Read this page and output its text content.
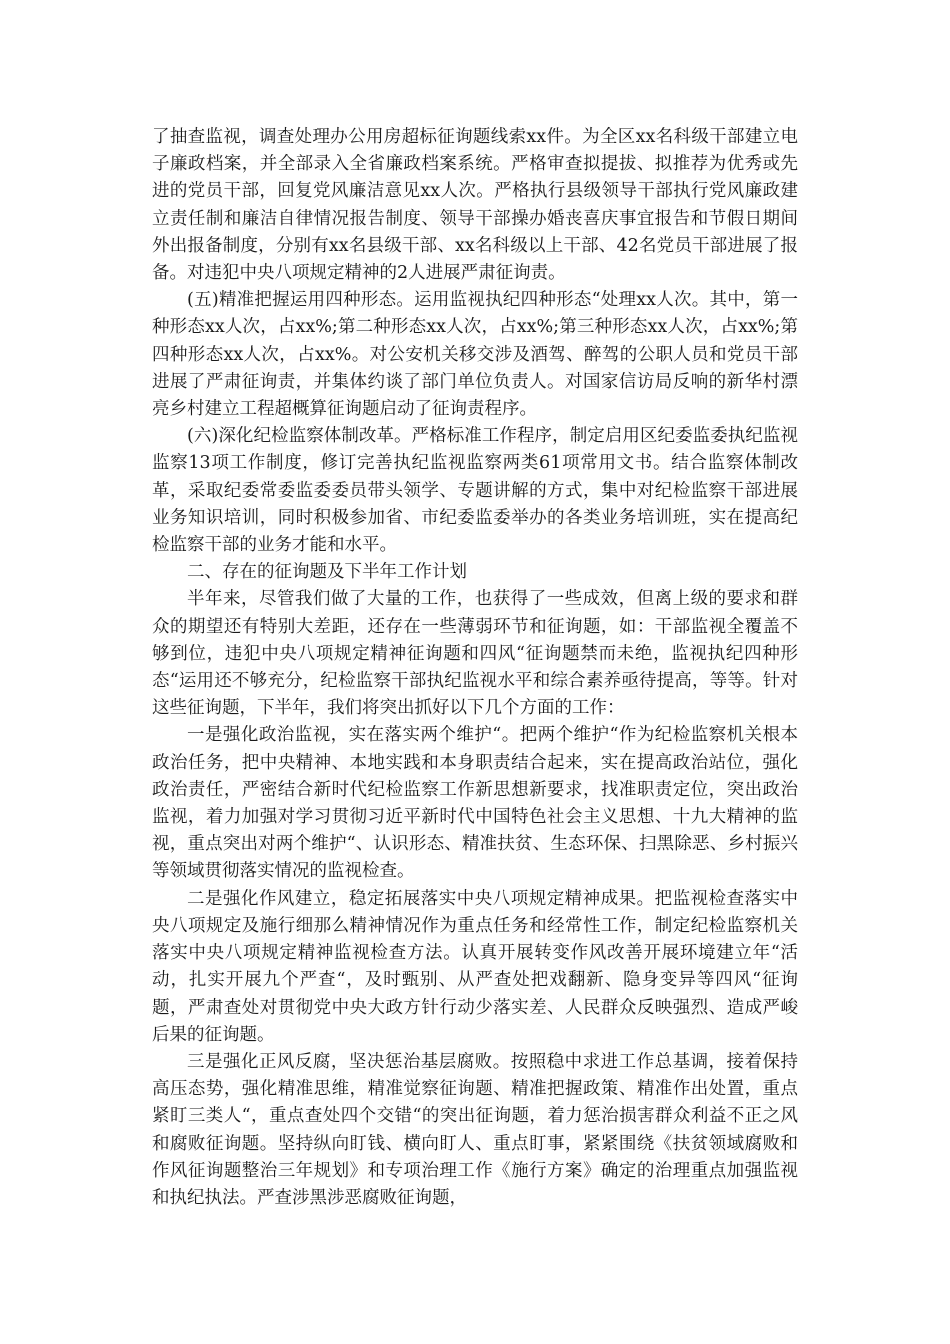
了抽查监视，调查处理办公用房超标征询题线索xx件。为全区xx名科级干部建立电子廉政档案，并全部录入全省廉政档案系统。严格审查拟提拔、拟推荐为优秀或先进的党员干部，回复党风廉洁意见xx人次。严格执行县级领导干部执行党风廉政建立责任制和廉洁自律情况报告制度、领导干部操办婚丧喜庆事宜报告和节假日期间外出报备制度，分别有xx名县级干部、xx名科级以上干部、42名党员干部进展了报备。对违犯中央八项规定精神的2人进展严肃征询责。

(五)精准把握运用四种形态。运用监视执纪四种形态“处理xx人次。其中，第一种形态xx人次，占xx%;第二种形态xx人次，占xx%;第三种形态xx人次，占xx%;第四种形态xx人次，占xx%。对公安机关移交涉及酒驾、醉驾的公职人员和党员干部进展了严肃征询责，并集体约谈了部门单位负责人。对国家信访局反响的新华村漂亮乡村建立工程超概算征询题启动了征询责程序。

(六)深化纪检监察体制改革。严格标准工作程序，制定启用区纪委监委执纪监视监察13项工作制度，修订完善执纪监视监察两类61项常用文书。结合监察体制改革，采取纪委常委监委委员带头领学、专题讲解的方式，集中对纪检监察干部进展业务知识培训，同时积极参加省、市纪委监委举办的各类业务培训班，实在提高纪检监察干部的业务才能和水平。

二、存在的征询题及下半年工作计划

半年来，尽管我们做了大量的工作，也获得了一些成效，但离上级的要求和群众的期望还有特别大差距，还存在一些薄弱环节和征询题，如：干部监视全覆盖不够到位，违犯中央八项规定精神征询题和四风“征询题禁而未绝，监视执纪四种形态“运用还不够充分，纪检监察干部执纪监视水平和综合素养亟待提高，等等。针对这些征询题，下半年，我们将突出抓好以下几个方面的工作：

一是强化政治监视，实在落实两个维护“。把两个维护“作为纪检监察机关根本政治任务，把中央精神、本地实践和本身职责结合起来，实在提高政治站位，强化政治责任，严密结合新时代纪检监察工作新思想新要求，找准职责定位，突出政治监视，着力加强对学习贯彻习近平新时代中国特色社会主义思想、十九大精神的监视，重点突出对两个维护“、认识形态、精准扶贫、生态环保、扫黑除恶、乡村振兴等领域贯彻落实情况的监视检查。

二是强化作风建立，稳定拓展落实中央八项规定精神成果。把监视检查落实中央八项规定及施行细那么精神情况作为重点任务和经常性工作，制定纪检监察机关落实中央八项规定精神监视检查方法。认真开展转变作风改善开展环境建立年“活动，扎实开展九个严查“，及时甄别、从严查处把戏翻新、隐身变异等四风“征询题，严肃查处对贯彻党中央大政方针行动少落实差、人民群众反映强烈、造成严峻后果的征询题。

三是强化正风反腐，坚决惩治基层腐败。按照稳中求进工作总基调，接着保持高压态势，强化精准思维，精准觉察征询题、精准把握政策、精准作出处置，重点紧盯三类人“，重点查处四个交错“的突出征询题，着力惩治损害群众利益不正之风和腐败征询题。坚持纵向盯钱、横向盯人、重点盯事，紧紧围绕《扶贫领域腐败和作风征询题整治三年规划》和专项治理工作《施行方案》确定的治理重点加强监视和执纪执法。严查涉黑涉恶腐败征询题，
